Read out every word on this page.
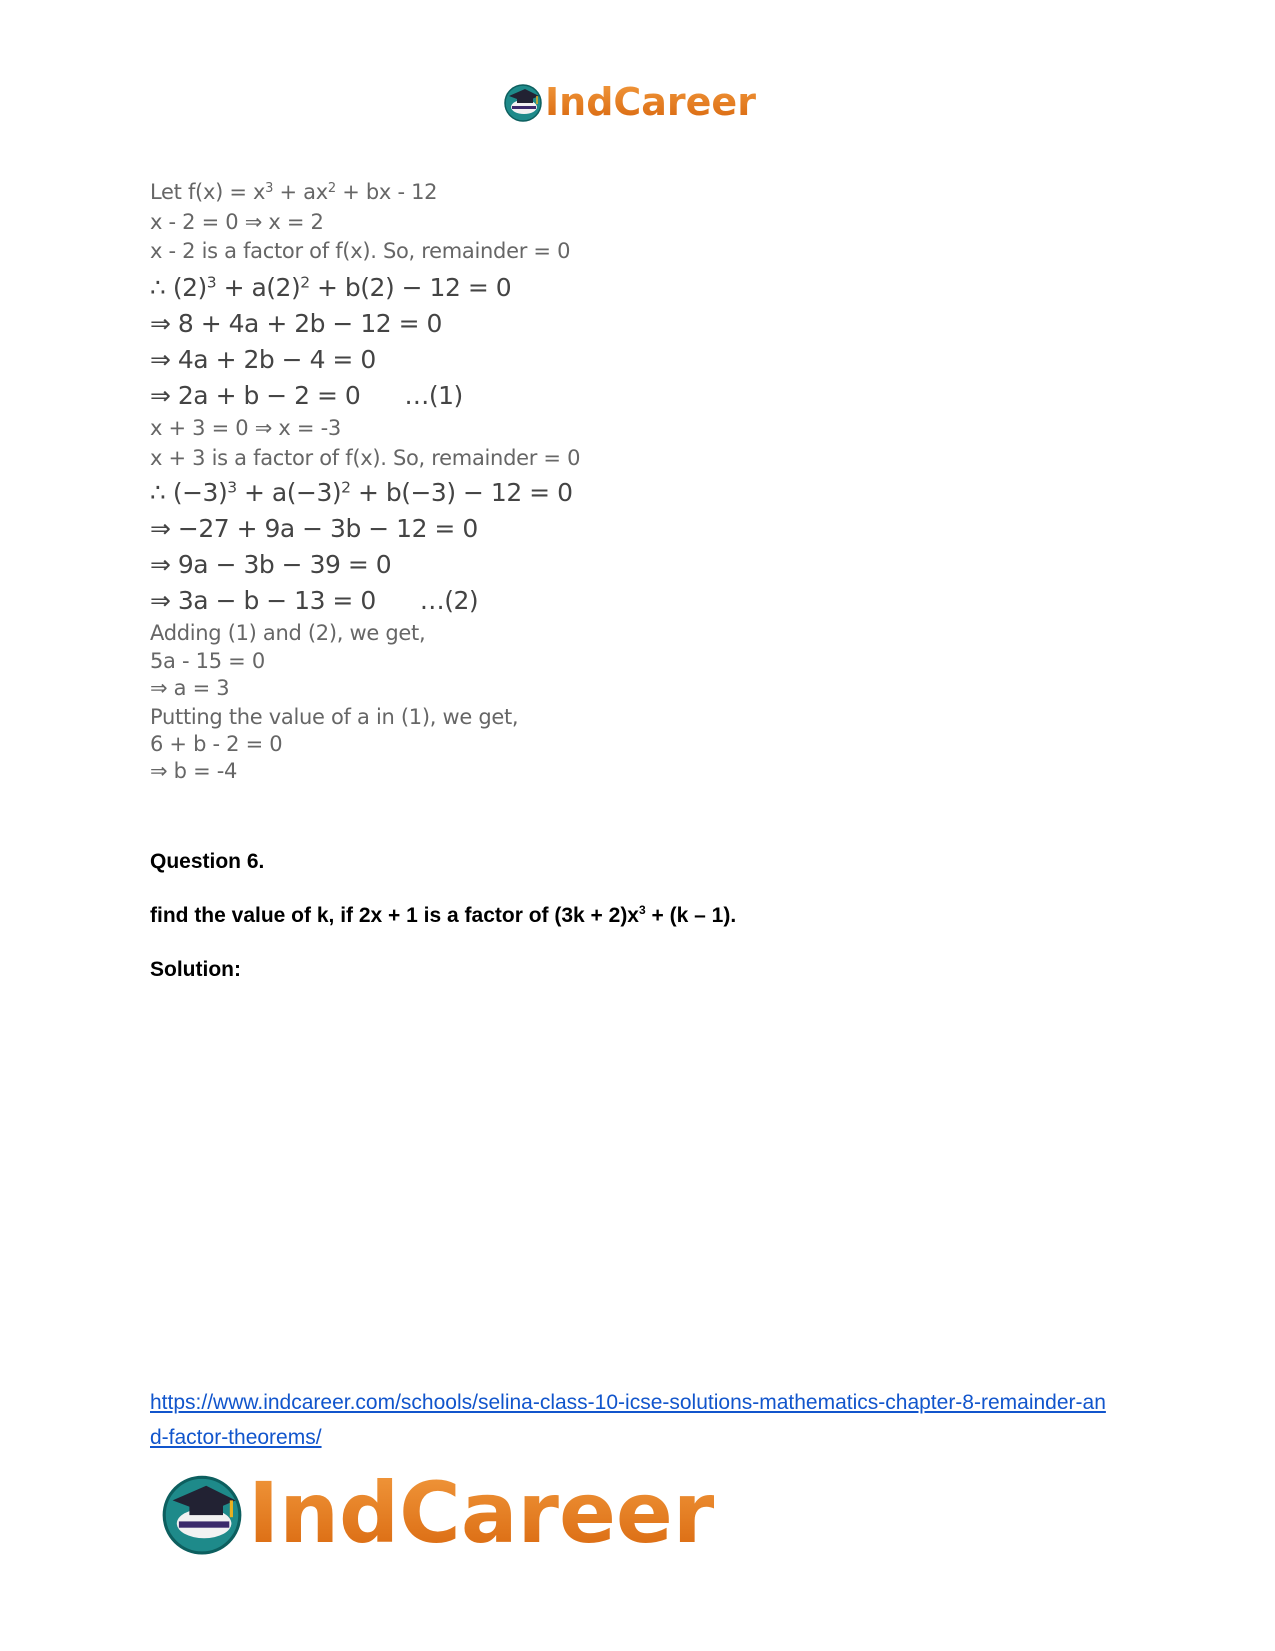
IndCareer
Let $f(x) = x^3 + ax^2$ + bx - 12
x - 2 = 0 ⇒ x = 2
x - 2 is a factor of f(x). So, remainder = 0
∴ $(2)^3 + a(2)^2 + b(2) - 12 = 0$
⇒ 8 + 4a + 2b − 12 = 0
⇒ 4a + 2b − 4 = 0
⇒ 2a + b − 2 = 0 …(1)
x + 3 = 0 ⇒ x = -3
x + 3 is a factor of f(x). So, remainder = 0
∴ $(-3)^3 + a(-3)^2 + b(-3) - 12 = 0$
⇒ −27 + 9a − 3b − 12 = 0
⇒ 9a − 3b − 39 = 0
⇒ 3a − b − 13 = 0 …(2)
Adding (1) and (2), we get,
5a - 15 = 0
⇒ a = 3
Putting the value of a in (1), we get,
6 + b - 2 = 0
⇒ b = -4
Question 6.
find the value of k, if 2x + 1 is a factor of $(3k + 2)x^3 + (k - 1)$.
Solution:
https://www.indcareer.com/schools/selina-class-10-icse-solutions-mathematics-chapter-8-remainder-and-factor-theorems/
IndCareer
